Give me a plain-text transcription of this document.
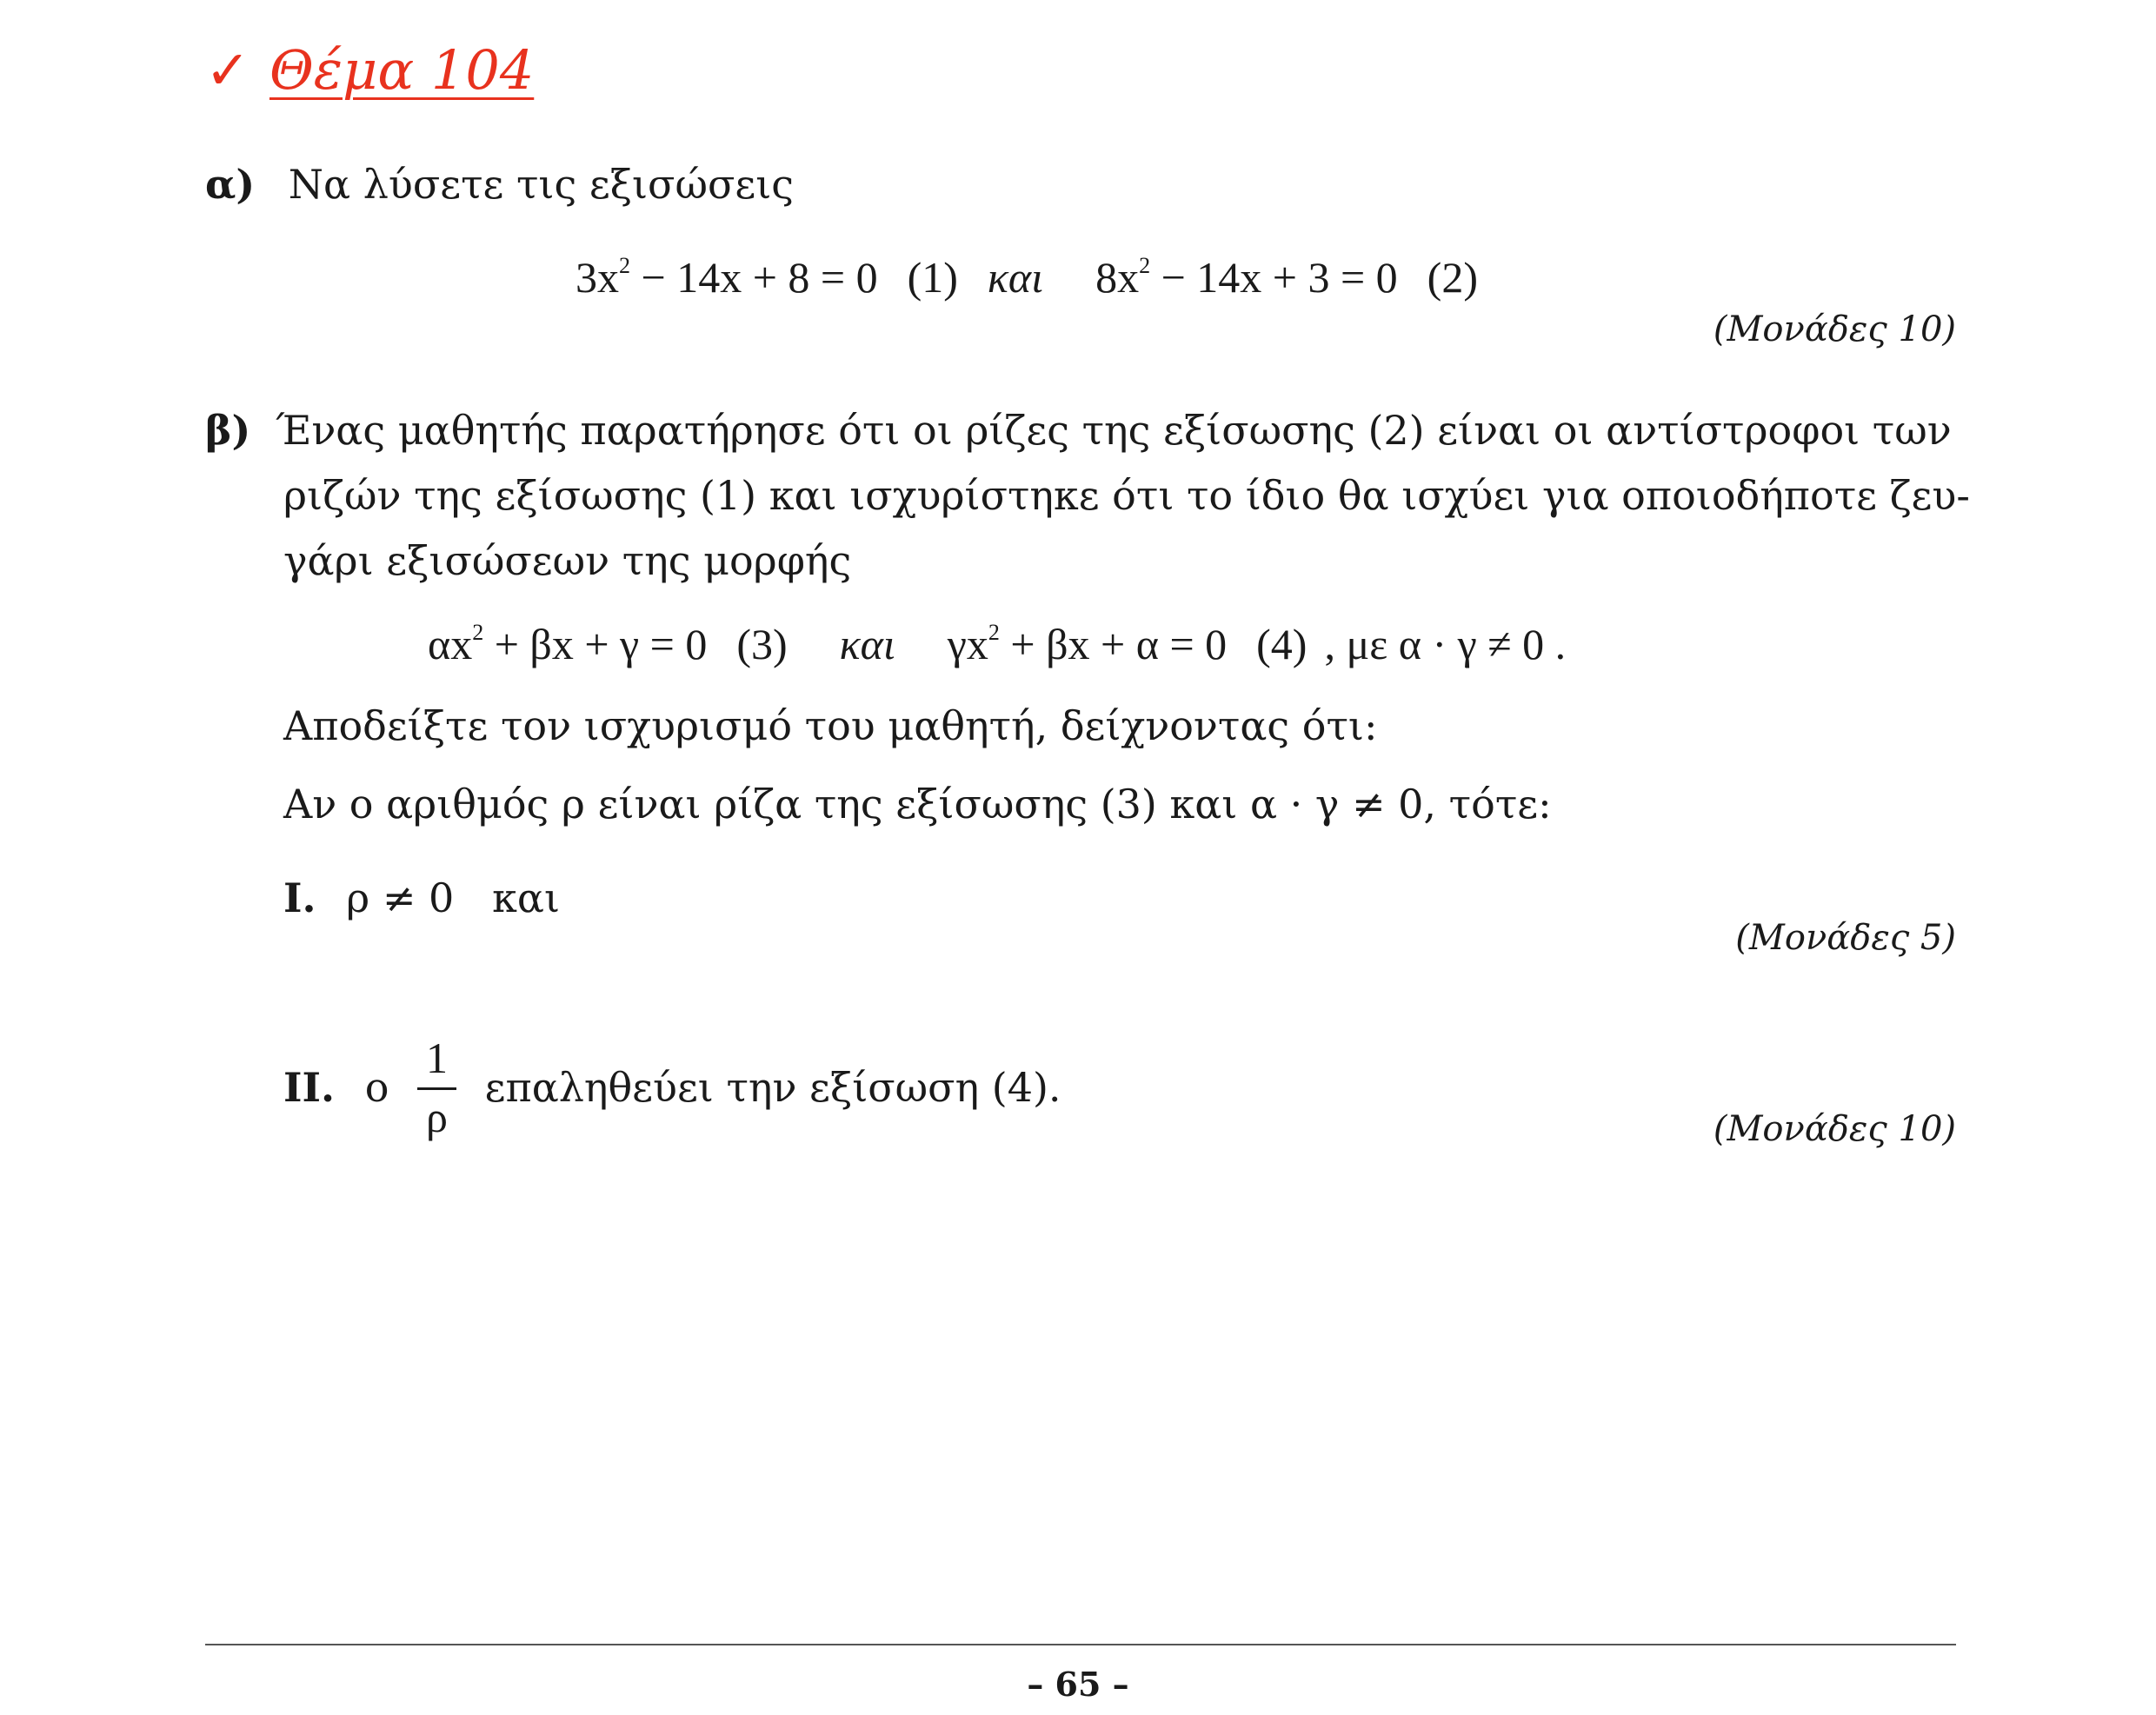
✓ Θέμα 104
α) Να λύσετε τις εξισώσεις
$3x^2 - 14x + 8 = 0$ (1) και $8x^2 - 14x + 3 = 0$ (2)
(Μονάδες 10)
β) Ένας μαθητής παρατήρησε ότι οι ρίζες της εξίσωσης (2) είναι οι αντίστροφοι των
ριζών της εξίσωσης (1) και ισχυρίστηκε ότι το ίδιο θα ισχύει για οποιοδήποτε ζευ-
γάρι εξισώσεων της μορφής
$\alpha x^2 + \beta x + \gamma = 0$ (3) και $\gamma x^2 + \beta x + \alpha = 0$ (4) , με α · γ ≠ 0 .
Αποδείξτε τον ισχυρισμό του μαθητή, δείχνοντας ότι:
Αν ο αριθμός ρ είναι ρίζα της εξίσωσης (3) και α · γ ≠ 0, τότε:
I. ρ ≠ 0   και
(Μονάδες 5)
II. ο $\frac{1}{\rho}$ επαληθεύει την εξίσωση (4).
(Μονάδες 10)
– 65 –
